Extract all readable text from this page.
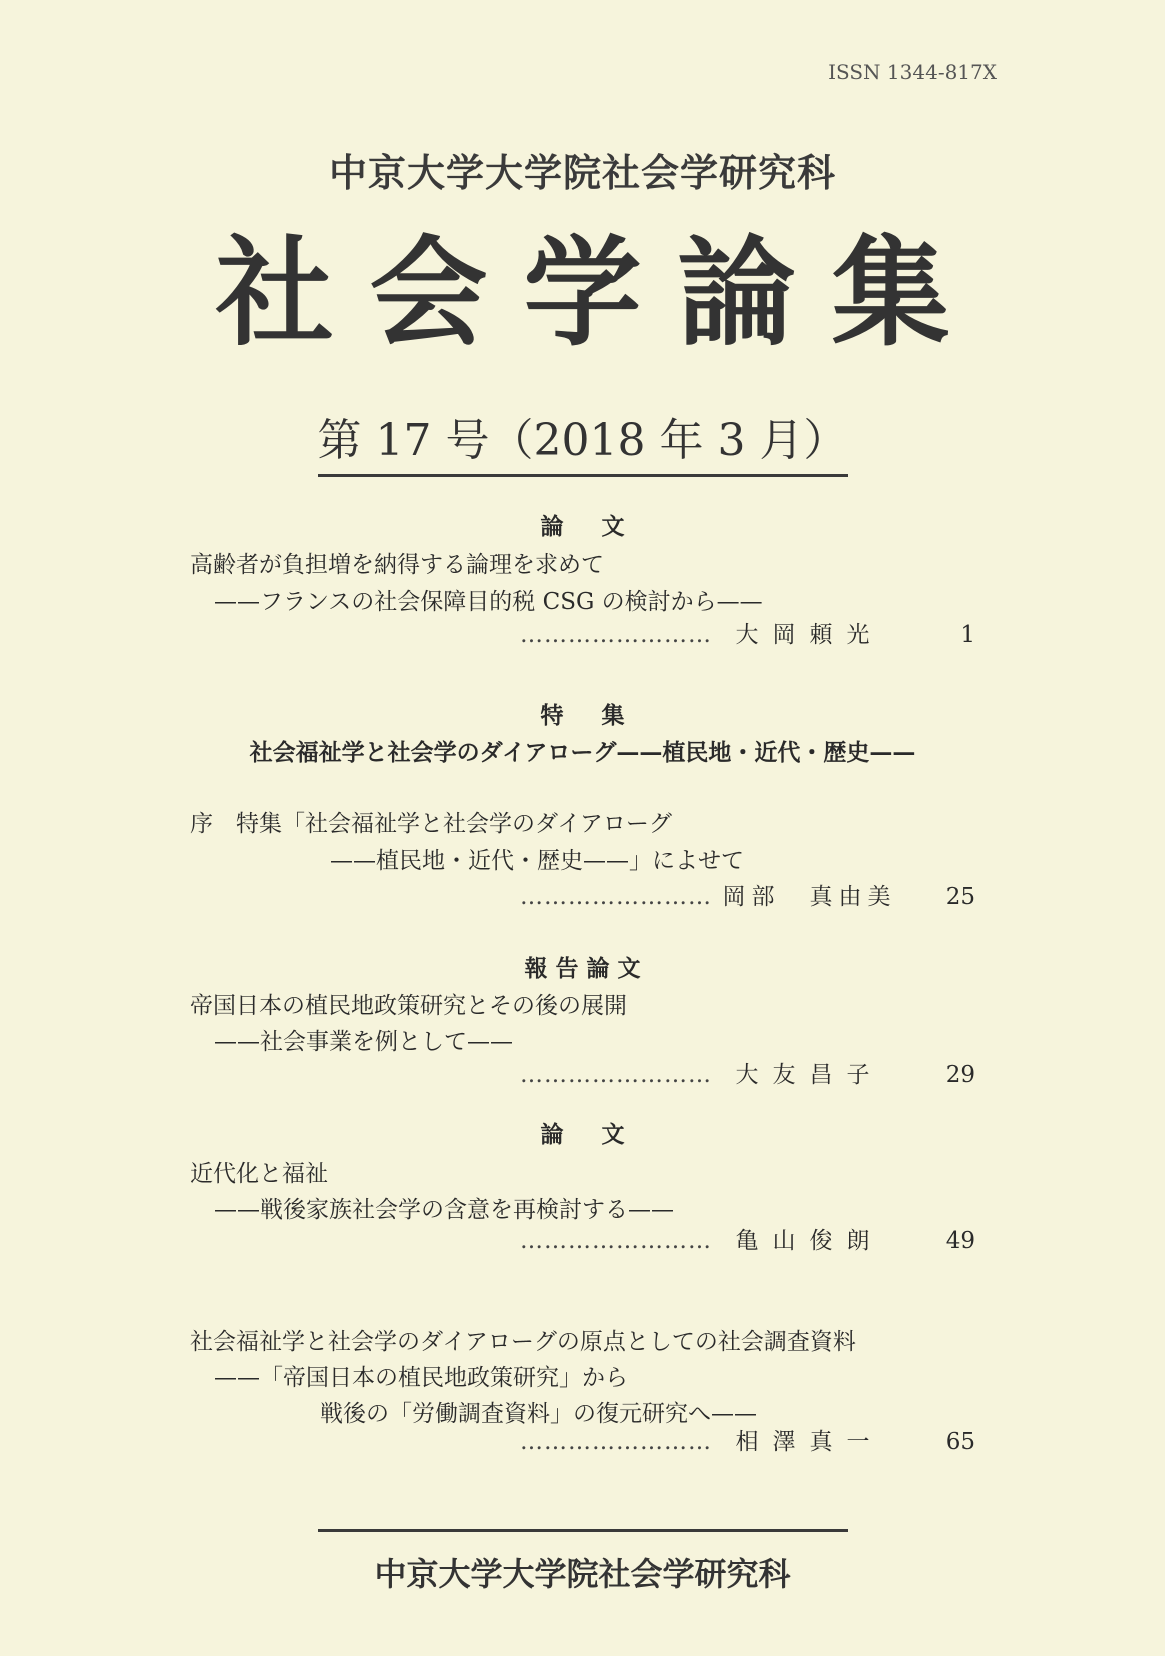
ISSN 1344-817X
中京大学大学院社会学研究科
社会学論集
第 17 号（2018 年 3 月）
論文
高齢者が負担増を納得する論理を求めて
——フランスの社会保障目的税 CSG の検討から——
……………………	大岡頼光	1
特集
社会福祉学と社会学のダイアローグ——植民地・近代・歴史——
序　特集「社会福祉学と社会学のダイアローグ
——植民地・近代・歴史——」によせて
…………………… 岡部　真由美	25
報告論文
帝国日本の植民地政策研究とその後の展開
——社会事業を例として——
……………………	大友昌子	29
論文
近代化と福祉
——戦後家族社会学の含意を再検討する——
……………………	亀山俊朗	49
社会福祉学と社会学のダイアローグの原点としての社会調査資料
——「帝国日本の植民地政策研究」から
戦後の「労働調査資料」の復元研究へ——
……………………	相澤真一	65
中京大学大学院社会学研究科
